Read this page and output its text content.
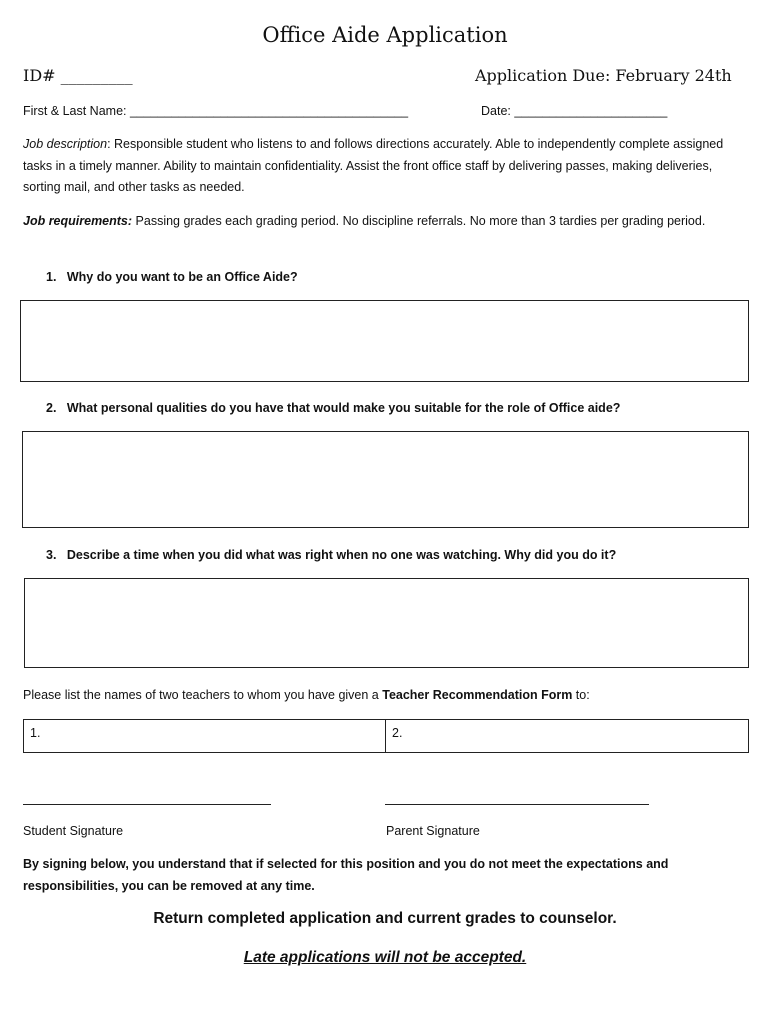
Office Aide Application
ID# _________	Application Due: February 24th
First & Last Name: ________________________________________	Date: ______________________
Job description: Responsible student who listens to and follows directions accurately. Able to independently complete assigned tasks in a timely manner. Ability to maintain confidentiality. Assist the front office staff by delivering passes, making deliveries, sorting mail, and other tasks as needed.
Job requirements: Passing grades each grading period. No discipline referrals. No more than 3 tardies per grading period.
1.   Why do you want to be an Office Aide?
2.   What personal qualities do you have that would make you suitable for the role of Office aide?
3.   Describe a time when you did what was right when no one was watching. Why did you do it?
Please list the names of two teachers to whom you have given a Teacher Recommendation Form to:
1.	2.
Student Signature	Parent Signature
By signing below, you understand that if selected for this position and you do not meet the expectations and responsibilities, you can be removed at any time.
Return completed application and current grades to counselor.
Late applications will not be accepted.
